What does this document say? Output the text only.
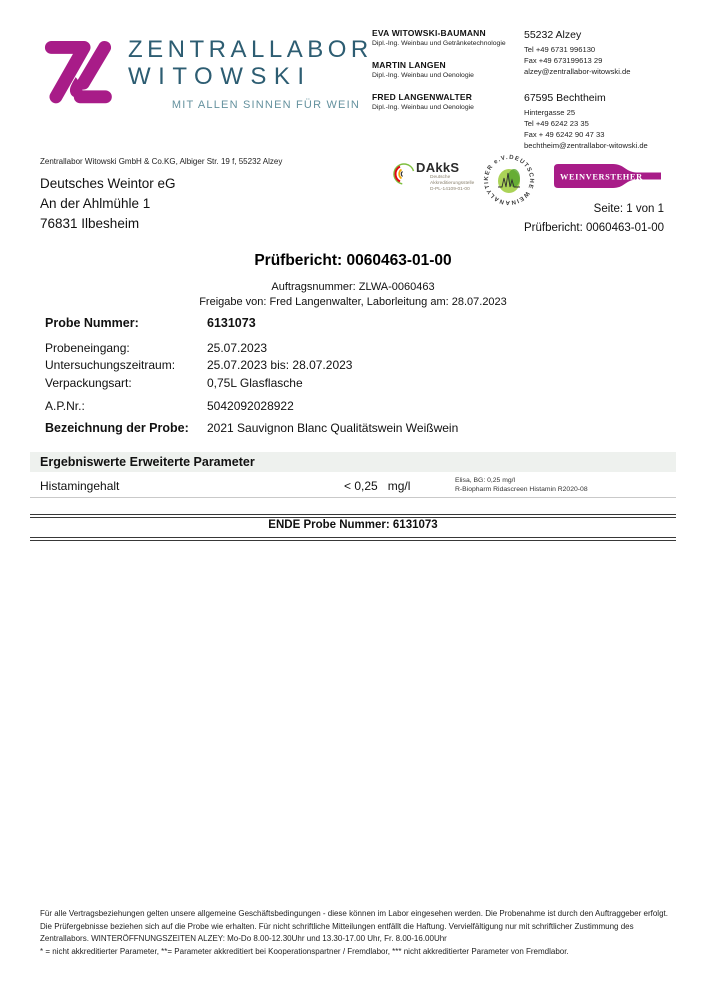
ZENTRALLABOR
WITOWSKI
MIT ALLEN SINNEN FÜR WEIN
EVA WITOWSKI-BAUMANN
Dipl.-Ing. Weinbau und Getränketechnologie
MARTIN LANGEN
Dipl.-Ing. Weinbau und Oenologie
FRED LANGENWALTER
Dipl.-Ing. Weinbau und Oenologie
55232 Alzey
Tel +49 6731 996130
Fax +49 673199613 29
alzey@zentrallabor-witowski.de
67595 Bechtheim
Hintergasse 25
Tel +49 6242 23 35
Fax + 49 6242 90 47 33
bechtheim@zentrallabor-witowski.de
Zentrallabor Witowski GmbH & Co.KG, Albiger Str. 19 f, 55232 Alzey
Deutsches Weintor eG
An der Ahlmühle 1
76831 Ilbesheim
DAkkS
Deutsche
Akkreditierungsstelle
D-PL-14109-01-00
DEUTSCHE WEINANALYTIKER e.V.
WEINVERSTEHER
Seite: 1 von 1
Prüfbericht: 0060463-01-00
Prüfbericht: 0060463-01-00
Auftragsnummer: ZLWA-0060463
Freigabe von: Fred Langenwalter, Laborleitung am: 28.07.2023
Probe Nummer:	6131073
Probeneingang:	25.07.2023
Untersuchungszeitraum:	25.07.2023 bis: 28.07.2023
Verpackungsart:	0,75L Glasflasche
A.P.Nr.:	5042092028922
Bezeichnung der Probe:	2021 Sauvignon Blanc Qualitätswein Weißwein
Ergebniswerte Erweiterte Parameter
Histamingehalt	< 0,25 mg/l	Elisa, BG: 0,25 mg/l
R-Biopharm Ridascreen Histamin R2020-08
ENDE Probe Nummer: 6131073
Für alle Vertragsbeziehungen gelten unsere allgemeine Geschäftsbedingungen - diese können im Labor eingesehen werden. Die Probenahme ist durch den Auftraggeber erfolgt. Die Prüfergebnisse beziehen sich auf die Probe wie erhalten. Für nicht schriftliche Mitteilungen entfällt die Haftung. Vervielfältigung nur mit schriftlicher Zustimmung des Zentrallabors. WINTERÖFFNUNGSZEITEN ALZEY: Mo-Do 8.00-12.30Uhr und 13.30-17.00 Uhr, Fr. 8.00-16.00Uhr
* = nicht akkreditierter Parameter, **= Parameter akkreditiert bei Kooperationspartner / Fremdlabor, *** nicht akkreditierter Parameter von Fremdlabor.
